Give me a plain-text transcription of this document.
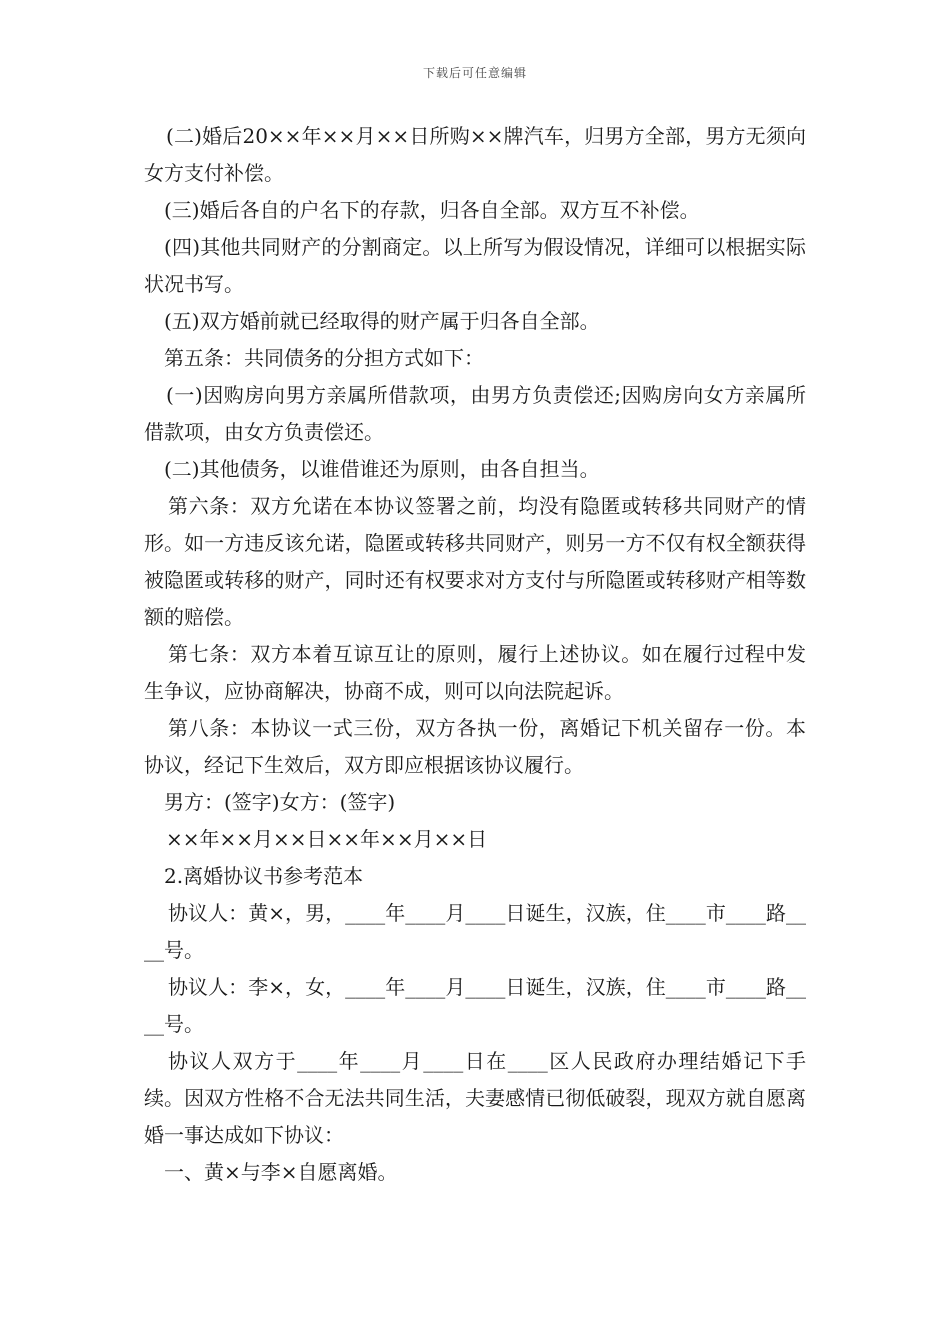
下载后可任意编辑

(二)婚后20××年××月××日所购××牌汽车，归男方全部，男方无须向女方支付补偿。

(三)婚后各自的户名下的存款，归各自全部。双方互不补偿。

(四)其他共同财产的分割商定。以上所写为假设情况，详细可以根据实际状况书写。

(五)双方婚前就已经取得的财产属于归各自全部。

第五条：共同债务的分担方式如下：

(一)因购房向男方亲属所借款项，由男方负责偿还;因购房向女方亲属所借款项，由女方负责偿还。

(二)其他债务，以谁借谁还为原则，由各自担当。

第六条：双方允诺在本协议签署之前，均没有隐匿或转移共同财产的情形。如一方违反该允诺，隐匿或转移共同财产，则另一方不仅有权全额获得被隐匿或转移的财产，同时还有权要求对方支付与所隐匿或转移财产相等数额的赔偿。

第七条：双方本着互谅互让的原则，履行上述协议。如在履行过程中发生争议，应协商解决，协商不成，则可以向法院起诉。

第八条：本协议一式三份，双方各执一份，离婚记下机关留存一份。本协议，经记下生效后，双方即应根据该协议履行。

男方：(签字)女方：(签字)

××年××月××日××年××月××日

2.离婚协议书参考范本

协议人：黄×，男，____年____月____日诞生，汉族，住____市____路____号。

协议人：李×，女，____年____月____日诞生，汉族，住____市____路____号。

协议人双方于____年____月____日在____区人民政府办理结婚记下手续。因双方性格不合无法共同生活，夫妻感情已彻低破裂，现双方就自愿离婚一事达成如下协议：

一、黄×与李×自愿离婚。
